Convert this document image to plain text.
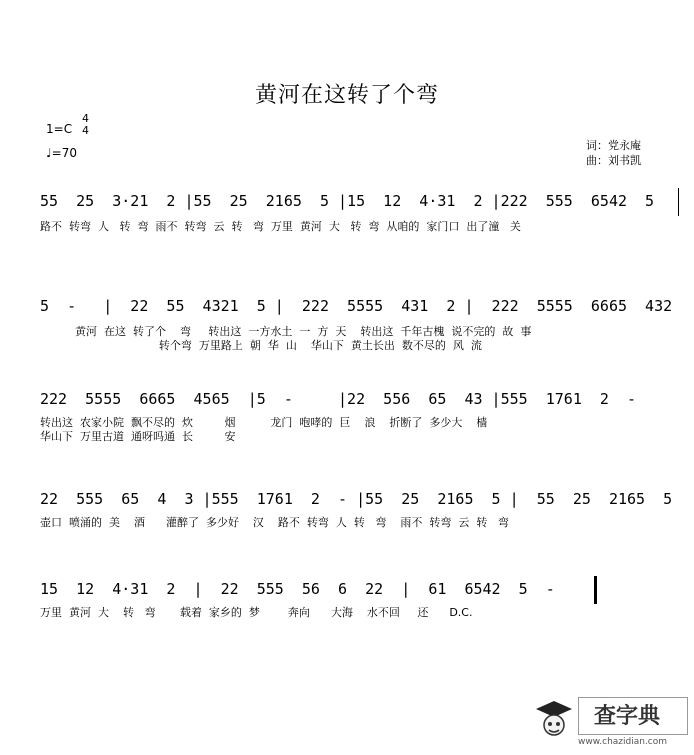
黄河在这转了个弯
1=C
4
4
♩=70
词：党永庵
曲：刘书凯
55  25  3·21  2 |55  25  2165  5 |15  12  4·31  2 |222  555  6542  5
路不  转弯  人   转  弯  雨不  转弯  云  转   弯  万里  黄河  大   转  弯  从咱的  家门口  出了潼   关
5  -   |  22  55  4321  5 |  222  5555  431  2 |  222  5555  6665  432
黄河  在这  转了个    弯     转出这  一方水土  一  方  天    转出这  千年古槐  说不完的  故  事
转个弯  万里路上  朝  华  山    华山下  黄土长出  数不尽的  风  流
222  5555  6665  4565  |5  -     |22  556  65  43 |555  1761  2  -
转出这  农家小院  飘不尽的  炊         烟          龙门  咆哮的  巨    浪    折断了  多少大    樯
华山下  万里古道  通呀吗通  长         安
22  555  65  4  3 |555  1761  2  - |55  25  2165  5 |  55  25  2165  5
壶口  喷涌的  美    酒      灌醉了  多少好    汉    路不  转弯  人  转   弯    雨不  转弯  云  转   弯
15  12  4·31  2  |  22  555  56  6  22  |  61  6542  5  -
万里  黄河  大    转   弯       载着  家乡的  梦        奔向      大海    水不回     还      D.C.
查字典
www.chazidian.com
